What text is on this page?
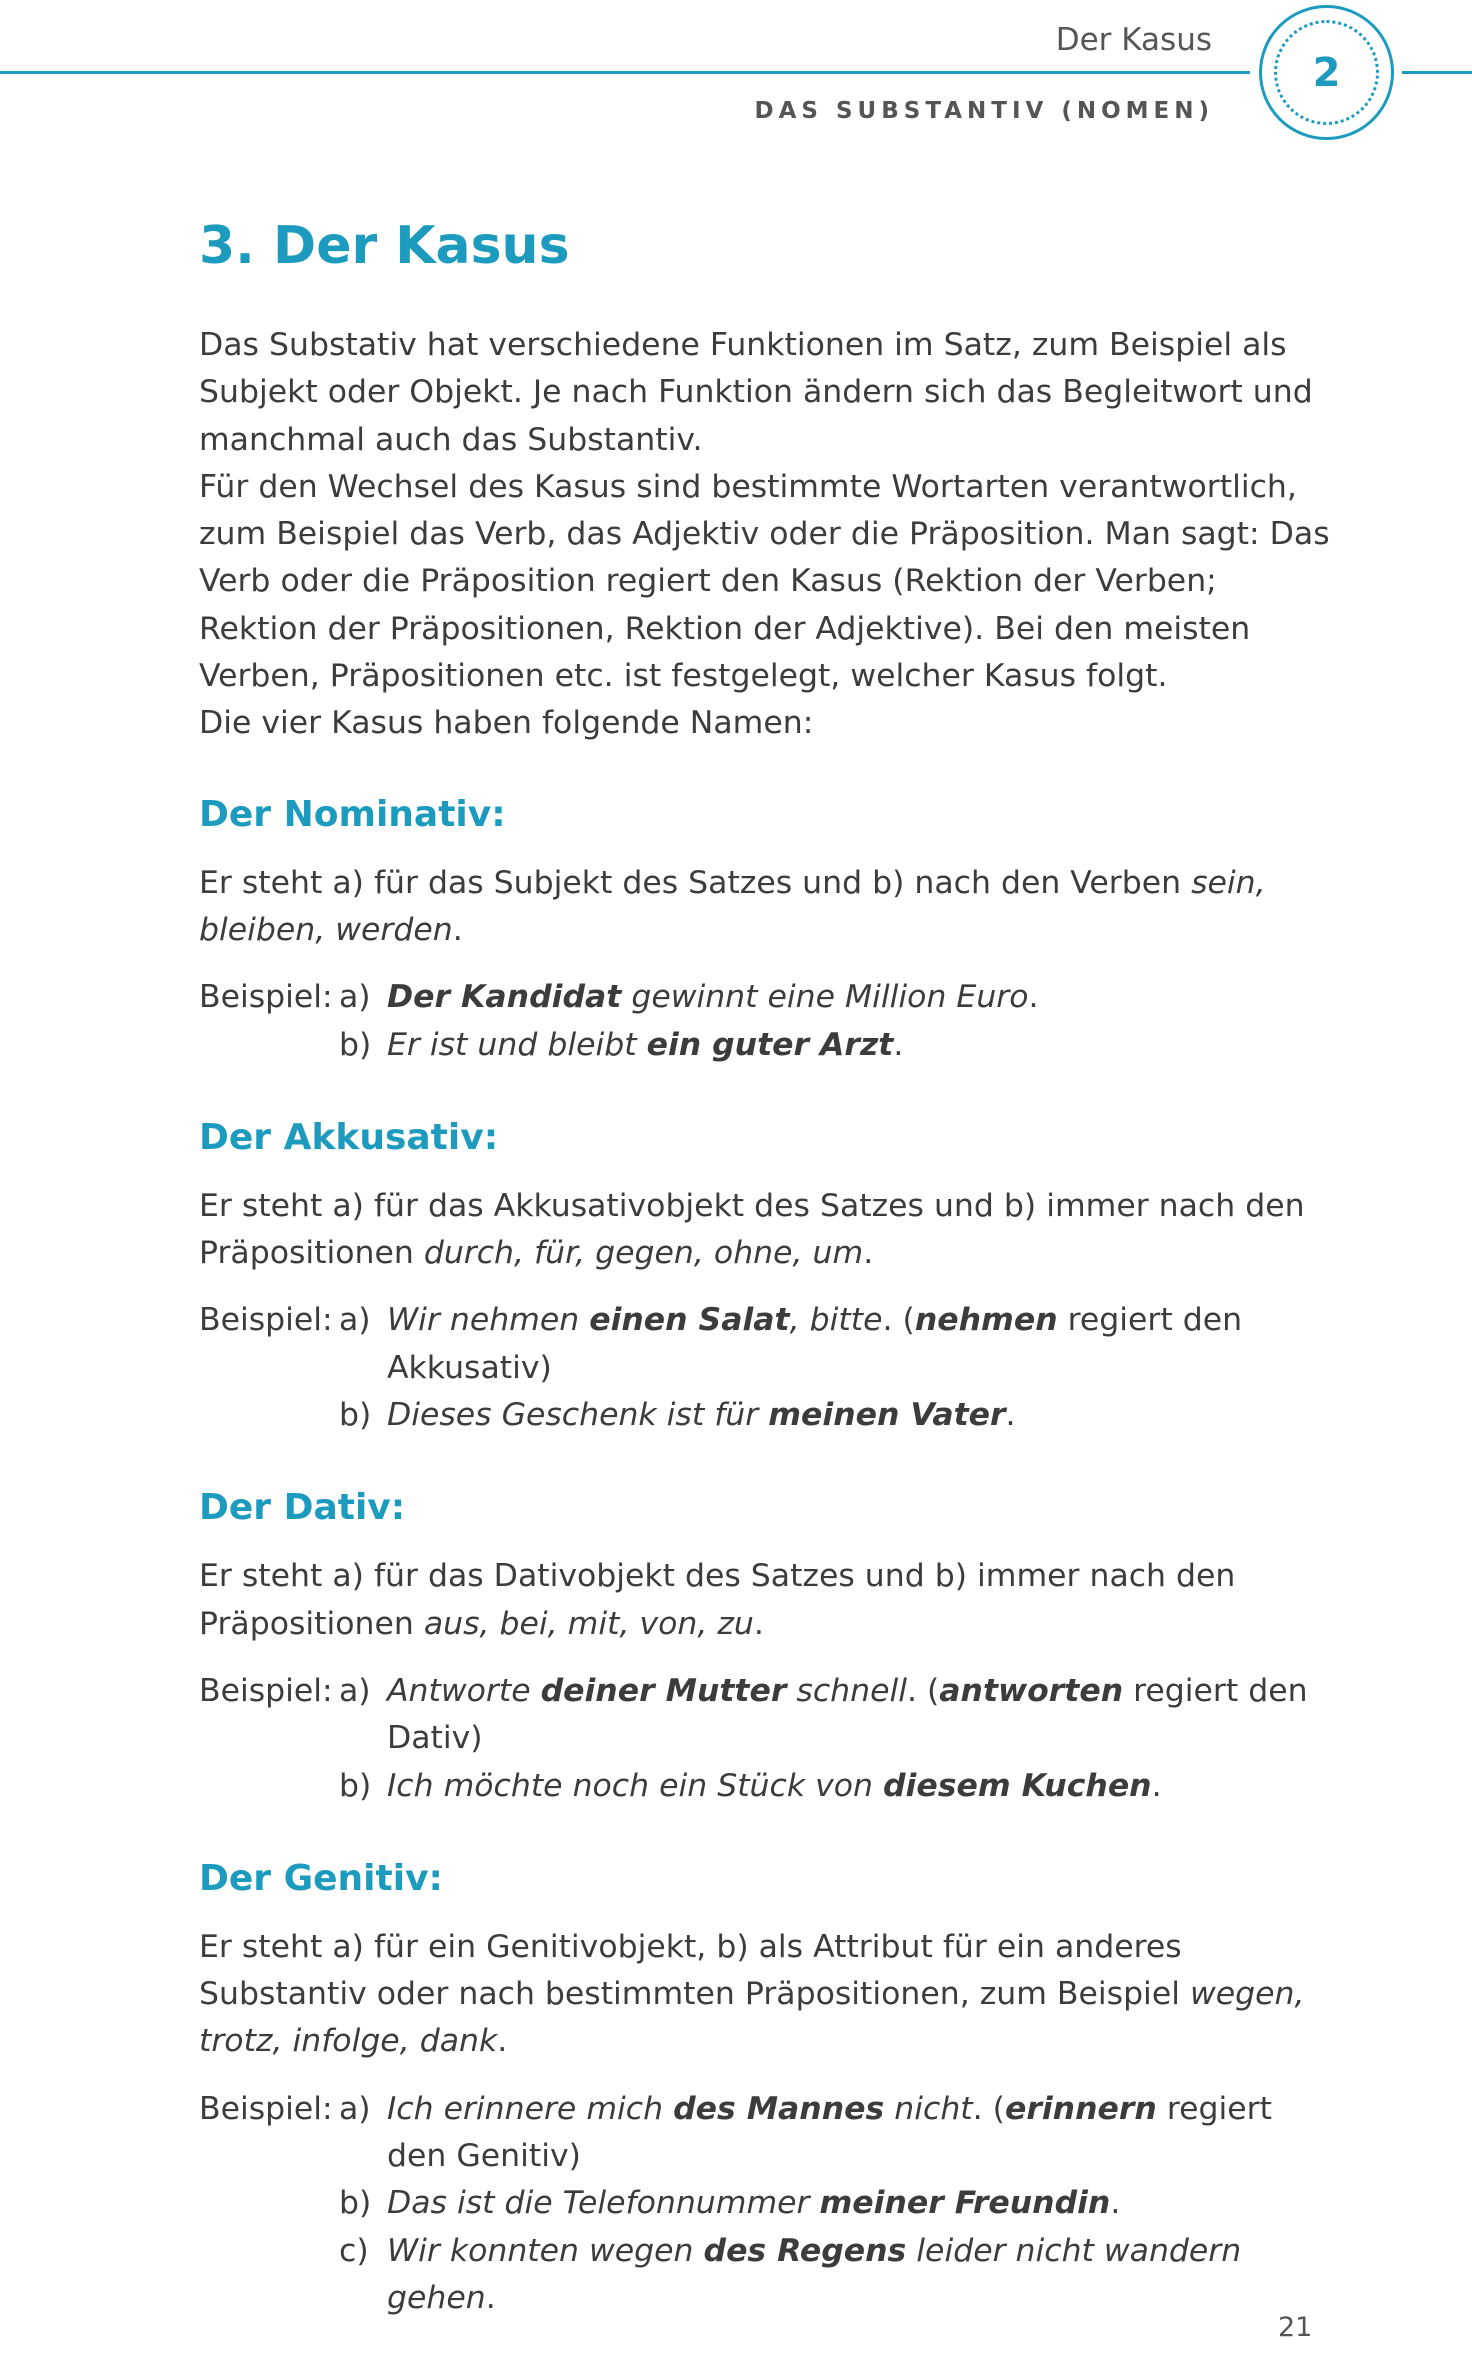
Der Kasus
DAS SUBSTANTIV (NOMEN)
2
3. Der Kasus

Das Substativ hat verschiedene Funktionen im Satz, zum Beispiel als Subjekt oder Objekt. Je nach Funktion ändern sich das Begleitwort und manchmal auch das Substantiv.

Für den Wechsel des Kasus sind bestimmte Wortarten verantwortlich, zum Beispiel das Verb, das Adjektiv oder die Präposition. Man sagt: Das Verb oder die Präposition regiert den Kasus (Rektion der Verben; Rektion der Präpositionen, Rektion der Adjektive). Bei den meisten Verben, Präpositionen etc. ist festgelegt, welcher Kasus folgt.

Die vier Kasus haben folgende Namen:

Der Nominativ:

Er steht a) für das Subjekt des Satzes und b) nach den Verben sein, bleiben, werden.

Beispiel: a) Der Kandidat gewinnt eine Million Euro.
b) Er ist und bleibt ein guter Arzt.
Der Akkusativ:

Er steht a) für das Akkusativobjekt des Satzes und b) immer nach den Präpositionen durch, für, gegen, ohne, um.

Beispiel: a) Wir nehmen einen Salat, bitte. (nehmen regiert den Akkusativ)
b) Dieses Geschenk ist für meinen Vater.
Der Dativ:

Er steht a) für das Dativobjekt des Satzes und b) immer nach den Präpositionen aus, bei, mit, von, zu.

Beispiel: a) Antworte deiner Mutter schnell. (antworten regiert den Dativ)
b) Ich möchte noch ein Stück von diesem Kuchen.
Der Genitiv:

Er steht a) für ein Genitivobjekt, b) als Attribut für ein anderes Substantiv oder nach bestimmten Präpositionen, zum Beispiel wegen, trotz, infolge, dank.

Beispiel: a) Ich erinnere mich des Mannes nicht. (erinnern regiert den Genitiv)
b) Das ist die Telefonnummer meiner Freundin.
c) Wir konnten wegen des Regens leider nicht wandern gehen.
21
